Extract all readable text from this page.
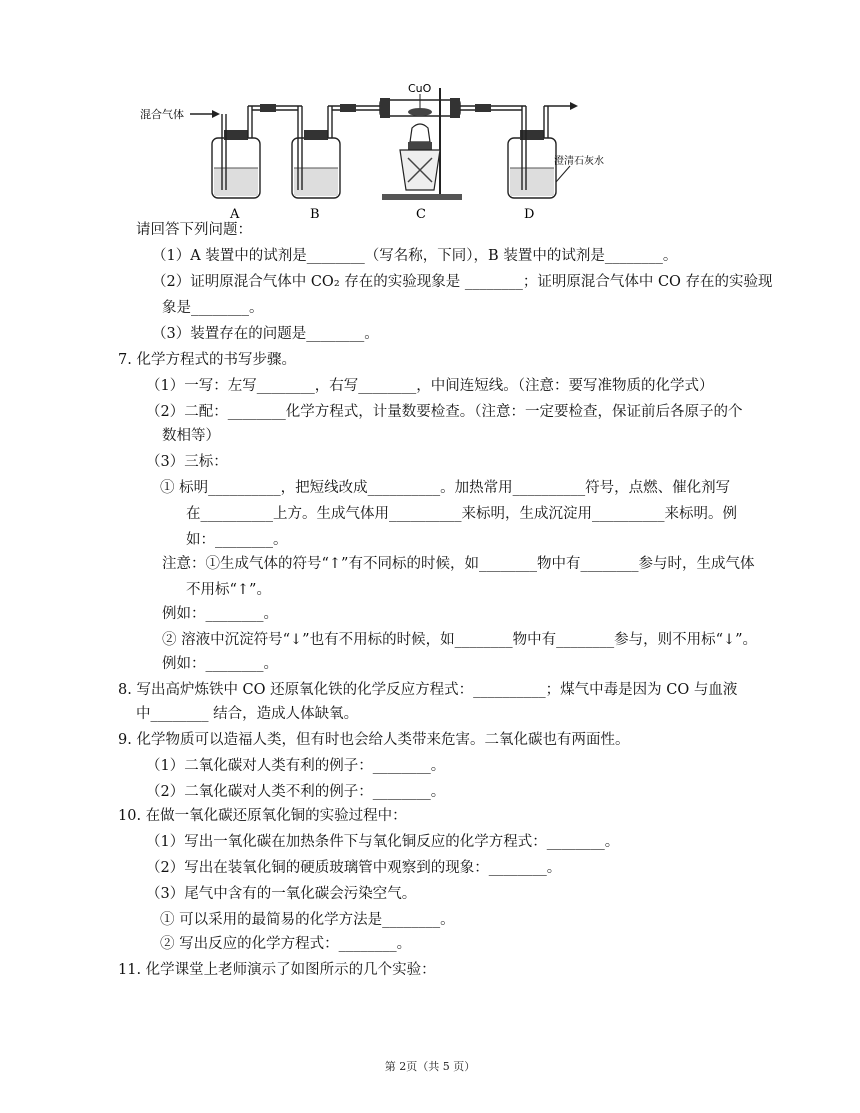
混合气体
CuO
澄清石灰水
A	B	C	D
请回答下列问题：
（1）A 装置中的试剂是________（写名称，下同），B 装置中的试剂是________。
（2）证明原混合气体中 CO₂ 存在的实验现象是 ________；证明原混合气体中 CO 存在的实验现
象是________。
（3）装置存在的问题是________。
7. 化学方程式的书写步骤。
（1）一写：左写________，右写________，中间连短线。（注意：要写准物质的化学式）
（2）二配：________化学方程式，计量数要检查。（注意：一定要检查，保证前后各原子的个
数相等）
（3）三标：
① 标明__________，把短线改成__________。加热常用__________符号，点燃、催化剂写
在__________上方。生成气体用__________来标明，生成沉淀用__________来标明。例
如：________。
注意：①生成气体的符号“↑”有不同标的时候，如________物中有________参与时，生成气体
不用标“↑”。
例如：________。
② 溶液中沉淀符号“↓”也有不用标的时候，如________物中有________参与，则不用标“↓”。
例如：________。
8. 写出高炉炼铁中 CO 还原氧化铁的化学反应方程式：__________；煤气中毒是因为 CO 与血液
中________ 结合，造成人体缺氧。
9. 化学物质可以造福人类，但有时也会给人类带来危害。二氧化碳也有两面性。
（1）二氧化碳对人类有利的例子：________。
（2）二氧化碳对人类不利的例子：________。
10. 在做一氧化碳还原氧化铜的实验过程中：
（1）写出一氧化碳在加热条件下与氧化铜反应的化学方程式：________。
（2）写出在装氧化铜的硬质玻璃管中观察到的现象：________。
（3）尾气中含有的一氧化碳会污染空气。
① 可以采用的最简易的化学方法是________。
② 写出反应的化学方程式：________。
11. 化学课堂上老师演示了如图所示的几个实验：
第 2页（共 5 页）
